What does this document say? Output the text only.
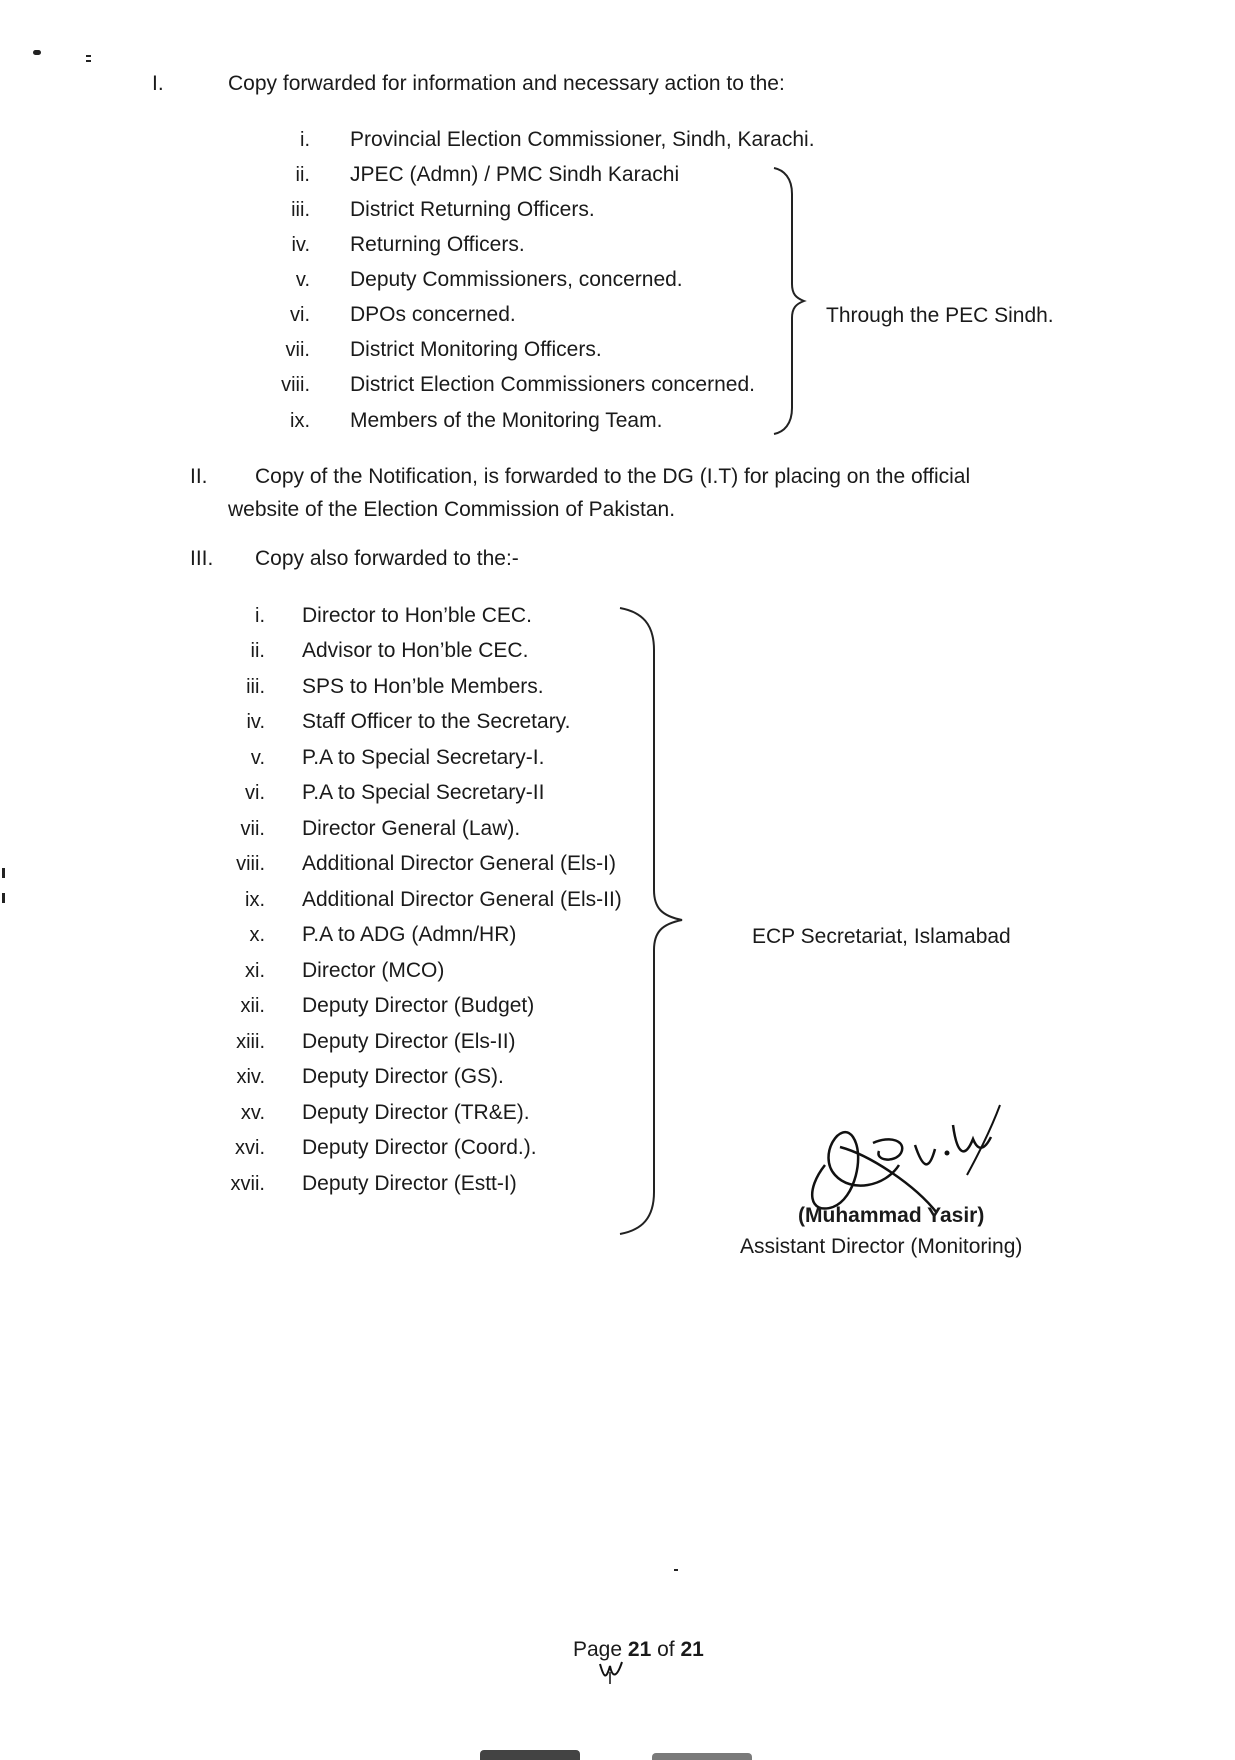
I.	Copy forwarded for information and necessary action to the:
i. Provincial Election Commissioner, Sindh, Karachi.
ii. JPEC (Admn) / PMC Sindh Karachi
iii. District Returning Officers.
iv. Returning Officers.
v. Deputy Commissioners, concerned.
vi. DPOs concerned.
vii. District Monitoring Officers.
viii. District Election Commissioners concerned.
ix. Members of the Monitoring Team.
Through the PEC Sindh.
II. Copy of the Notification, is forwarded to the DG (I.T) for placing on the official
website of the Election Commission of Pakistan.
III. Copy also forwarded to the:-
i. Director to Hon’ble CEC.
ii. Advisor to Hon’ble CEC.
iii. SPS to Hon’ble Members.
iv. Staff Officer to the Secretary.
v. P.A to Special Secretary-I.
vi. P.A to Special Secretary-II
vii. Director General (Law).
viii. Additional Director General (Els-I)
ix. Additional Director General (Els-II)
x. P.A to ADG (Admn/HR)
xi. Director (MCO)
xii. Deputy Director (Budget)
xiii. Deputy Director (Els-II)
xiv. Deputy Director (GS).
xv. Deputy Director (TR&E).
xvi. Deputy Director (Coord.).
xvii. Deputy Director (Estt-I)
ECP Secretariat, Islamabad
(Muhammad Yasir)
Assistant Director (Monitoring)
Page 21 of 21
